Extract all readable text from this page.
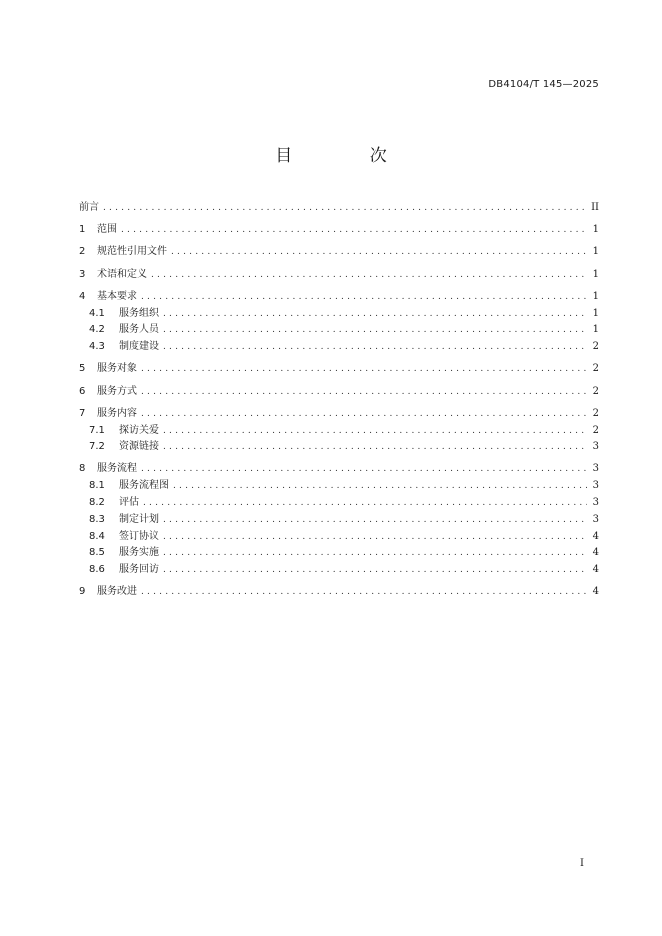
DB4104/T 145—2025
目 次
前言 .....	II
1	范围 .....	1
2	规范性引用文件 .....	1
3	术语和定义 .....	1
4	基本要求 .....	1
4.1	服务组织 .....	1
4.2	服务人员 .....	1
4.3	制度建设 .....	2
5	服务对象 .....	2
6	服务方式 .....	2
7	服务内容 .....	2
7.1	探访关爱 .....	2
7.2	资源链接 .....	3
8	服务流程 .....	3
8.1	服务流程图 .....	3
8.2	评估 .....	3
8.3	制定计划 .....	3
8.4	签订协议 .....	4
8.5	服务实施 .....	4
8.6	服务回访 .....	4
9	服务改进 .....	4
I
